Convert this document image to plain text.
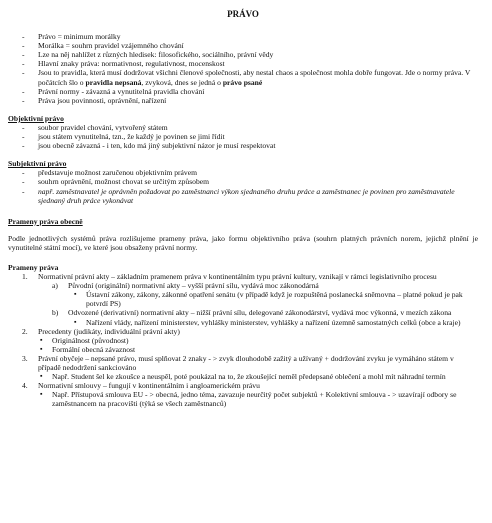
PRÁVO
- Právo = minimum morálky
- Morálka = souhrn pravidel vzájemného chování
- Lze na něj nahlížet z různých hledisek: filosofického, sociálního, právní vědy
- Hlavní znaky práva: normativnost, regulativnost, mocenskost
- Jsou to pravidla, která musí dodržovat všichni členové společnosti, aby nestal chaos a společnost mohla dobře fungovat. Jde o normy práva. V počátcích šlo o pravidla nepsaná, zvyková, dnes se jedná o právo psané
- Právní normy - závazná a vynutitelná pravidla chování
- Práva jsou povinnosti, oprávnění, nařízení
Objektivní právo
- soubor pravidel chování, vytvořený státem
- jsou státem vynutitelná, tzn., že každý je povinen se jimi řídit
- jsou obecně závazná - i ten, kdo má jiný subjektivní názor je musí respektovat
Subjektivní právo
- představuje možnost zaručenou objektivním právem
- souhrn oprávnění, možnost chovat se určitým způsobem
- např. zaměstnavatel je oprávněn požadovat po zaměstnanci výkon sjednaného druhu práce a zaměstnanec je povinen pro zaměstnavatele sjednaný druh práce vykonávat
Prameny práva obecně
Podle jednotlivých systémů práva rozlišujeme prameny práva, jako formu objektivního práva (souhrn platných právních norem, jejichž plnění je vynutitelné státní mocí), ve které jsou obsaženy právní normy.
Prameny práva
1. Normativní právní akty – základním pramenem práva v kontinentálním typu právní kultury, vznikají v rámci legislativního procesu
a) Původní (originální) normativní akty – vyšší právní sílu, vydává moc zákonodárná
▪ Ústavní zákony, zákony, zákonné opatření senátu (v případě když je rozpuštěná poslanecká sněmovna – platné pokud je pak potvrdí PS)
b) Odvozené (derivativní) normativní akty – nižší právní sílu, delegované zákonodárství, vydává moc výkonná, v mezích zákona
▪ Nařízení vlády, nařízení ministerstev, vyhlášky ministerstev, vyhlášky a nařízení územně samostatných celků (obce a kraje)
2. Precedenty (judikáty, individuální právní akty)
▪ Originálnost (původnost)
▪ Formální obecná závaznost
3. Právní obyčeje – nepsané právo, musí splňovat 2 znaky - > zvyk dlouhodobě zažitý a užívaný + dodržování zvyku je vymáháno státem v případě nedodržení sankciováno
▪ Např. Student šel ke zkoušce a neuspěl, poté poukázal na to, že zkoušející neměl předepsané oblečení a mohl mít náhradní termín
4. Normativní smlouvy – fungují v kontinentálním i angloamerickém právu
▪ Např. Přístupová smlouva EU - > obecná, jedno téma, zavazuje neurčitý počet subjektů + Kolektivní smlouva - > uzavírají odbory se zaměstnancem na pracovišti (týká se všech zaměstnanců)
